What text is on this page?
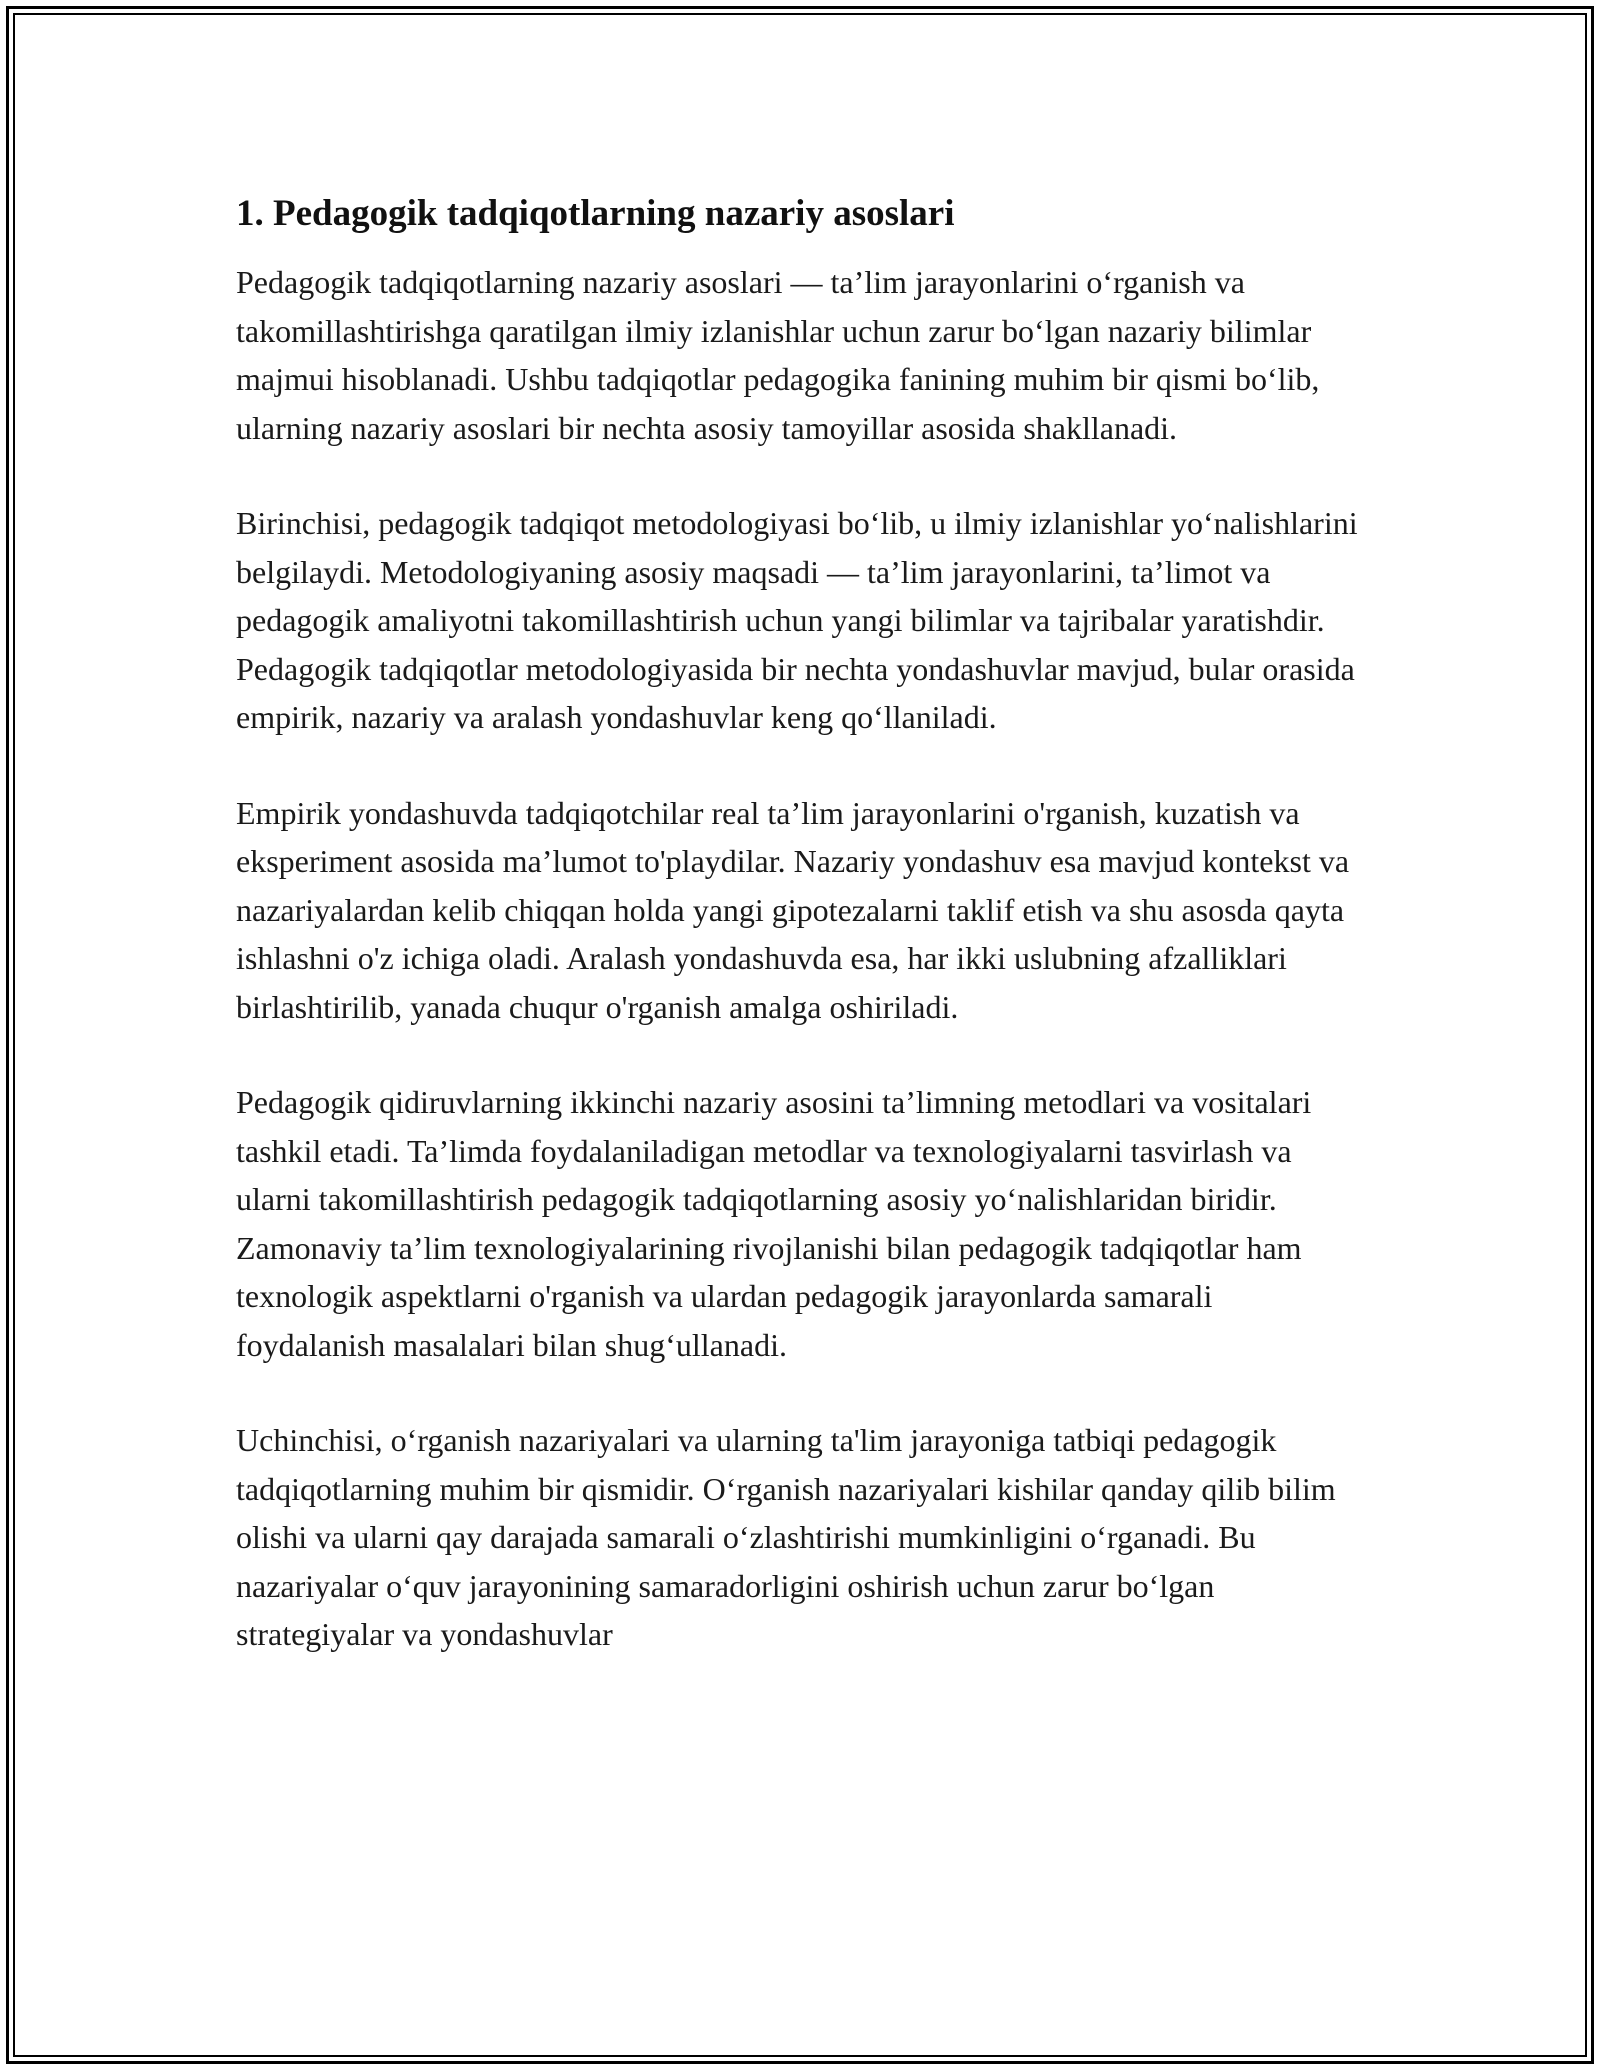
1. Pedagogik tadqiqotlarning nazariy asoslari

Pedagogik tadqiqotlarning nazariy asoslari — ta’lim jarayonlarini o‘rganish va takomillashtirishga qaratilgan ilmiy izlanishlar uchun zarur bo‘lgan nazariy bilimlar majmui hisoblanadi. Ushbu tadqiqotlar pedagogika fanining muhim bir qismi bo‘lib, ularning nazariy asoslari bir nechta asosiy tamoyillar asosida shakllanadi.

Birinchisi, pedagogik tadqiqot metodologiyasi bo‘lib, u ilmiy izlanishlar yo‘nalishlarini belgilaydi. Metodologiyaning asosiy maqsadi — ta’lim jarayonlarini, ta’limot va pedagogik amaliyotni takomillashtirish uchun yangi bilimlar va tajribalar yaratishdir. Pedagogik tadqiqotlar metodologiyasida bir nechta yondashuvlar mavjud, bular orasida empirik, nazariy va aralash yondashuvlar keng qo‘llaniladi.

Empirik yondashuvda tadqiqotchilar real ta’lim jarayonlarini o'rganish, kuzatish va eksperiment asosida ma’lumot to'playdilar. Nazariy yondashuv esa mavjud kontekst va nazariyalardan kelib chiqqan holda yangi gipotezalarni taklif etish va shu asosda qayta ishlashni o'z ichiga oladi. Aralash yondashuvda esa, har ikki uslubning afzalliklari birlashtirilib, yanada chuqur o'rganish amalga oshiriladi.

Pedagogik qidiruvlarning ikkinchi nazariy asosini ta’limning metodlari va vositalari tashkil etadi. Ta’limda foydalaniladigan metodlar va texnologiyalarni tasvirlash va ularni takomillashtirish pedagogik tadqiqotlarning asosiy yo‘nalishlaridan biridir. Zamonaviy ta’lim texnologiyalarining rivojlanishi bilan pedagogik tadqiqotlar ham texnologik aspektlarni o'rganish va ulardan pedagogik jarayonlarda samarali foydalanish masalalari bilan shug‘ullanadi.

Uchinchisi, o‘rganish nazariyalari va ularning ta'lim jarayoniga tatbiqi pedagogik tadqiqotlarning muhim bir qismidir. O‘rganish nazariyalari kishilar qanday qilib bilim olishi va ularni qay darajada samarali o‘zlashtirishi mumkinligini o‘rganadi. Bu nazariyalar o‘quv jarayonining samaradorligini oshirish uchun zarur bo‘lgan strategiyalar va yondashuvlar
